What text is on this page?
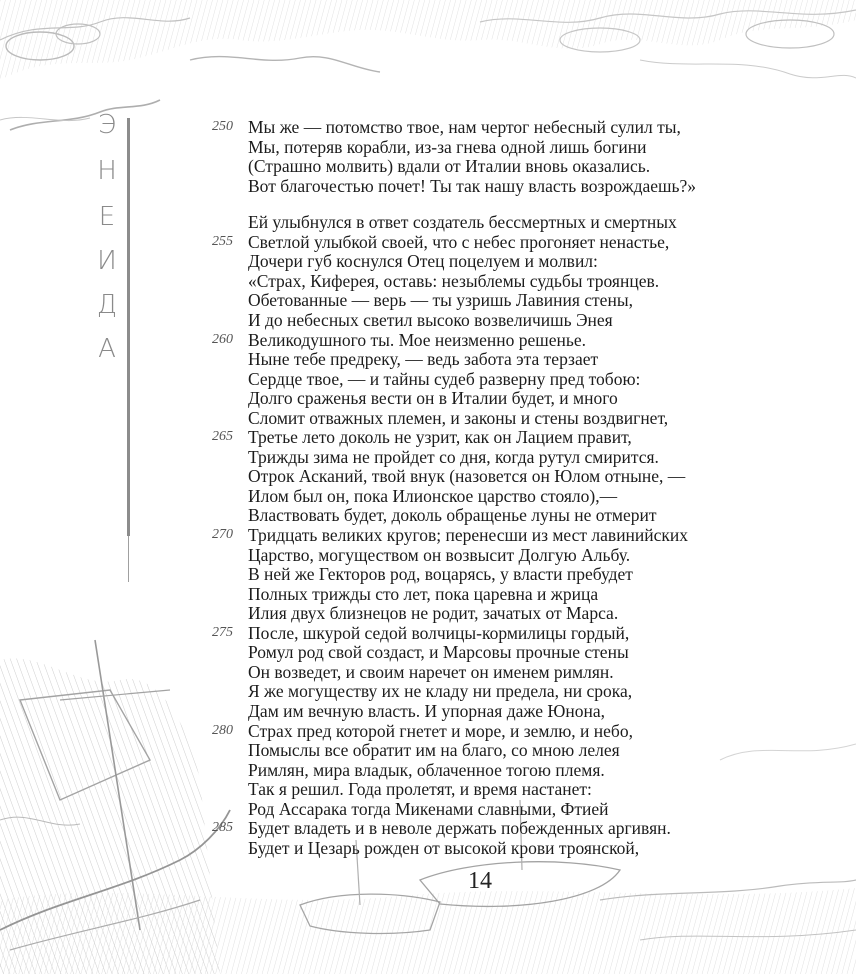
Э
Н
Е
И
Д
А
Мы же — потомство твое, нам чертог небесный сулил ты,
250
Мы, потеряв корабли, из-за гнева одной лишь богини
(Страшно молвить) вдали от Италии вновь оказались.
Вот благочестью почет! Ты так нашу власть возрождаешь?»
Ей улыбнулся в ответ создатель бессмертных и смертных
Светлой улыбкой своей, что с небес прогоняет ненастье,
255
Дочери губ коснулся Отец поцелуем и молвил:
«Страх, Киферея, оставь: незыблемы судьбы троянцев.
Обетованные — верь — ты узришь Лавиния стены,
И до небесных светил высоко возвеличишь Энея
Великодушного ты. Мое неизменно решенье.
260
Ныне тебе предреку, — ведь забота эта терзает
Сердце твое, — и тайны судеб разверну пред тобою:
Долго сраженья вести он в Италии будет, и много
Сломит отважных племен, и законы и стены воздвигнет,
Третье лето доколь не узрит, как он Лацием правит,
265
Трижды зима не пройдет со дня, когда рутул смирится.
Отрок Асканий, твой внук (назовется он Юлом отныне, —
Илом был он, пока Илионское царство стояло),—
Властвовать будет, доколь обращенье луны не отмерит
Тридцать великих кругов; перенесши из мест лавинийских
270
Царство, могуществом он возвысит Долгую Альбу.
В ней же Гекторов род, воцарясь, у власти пребудет
Полных трижды сто лет, пока царевна и жрица
Илия двух близнецов не родит, зачатых от Марса.
После, шкурой седой волчицы-кормилицы гордый,
275
Ромул род свой создаст, и Марсовы прочные стены
Он возведет, и своим наречет он именем римлян.
Я же могуществу их не кладу ни предела, ни срока,
Дам им вечную власть. И упорная даже Юнона,
Страх пред которой гнетет и море, и землю, и небо,
280
Помыслы все обратит им на благо, со мною лелея
Римлян, мира владык, облаченное тогою племя.
Так я решил. Года пролетят, и время настанет:
Род Ассарака тогда Микенами славными, Фтией
Будет владеть и в неволе держать побежденных аргивян.
285
Будет и Цезарь рожден от высокой крови троянской,
14
